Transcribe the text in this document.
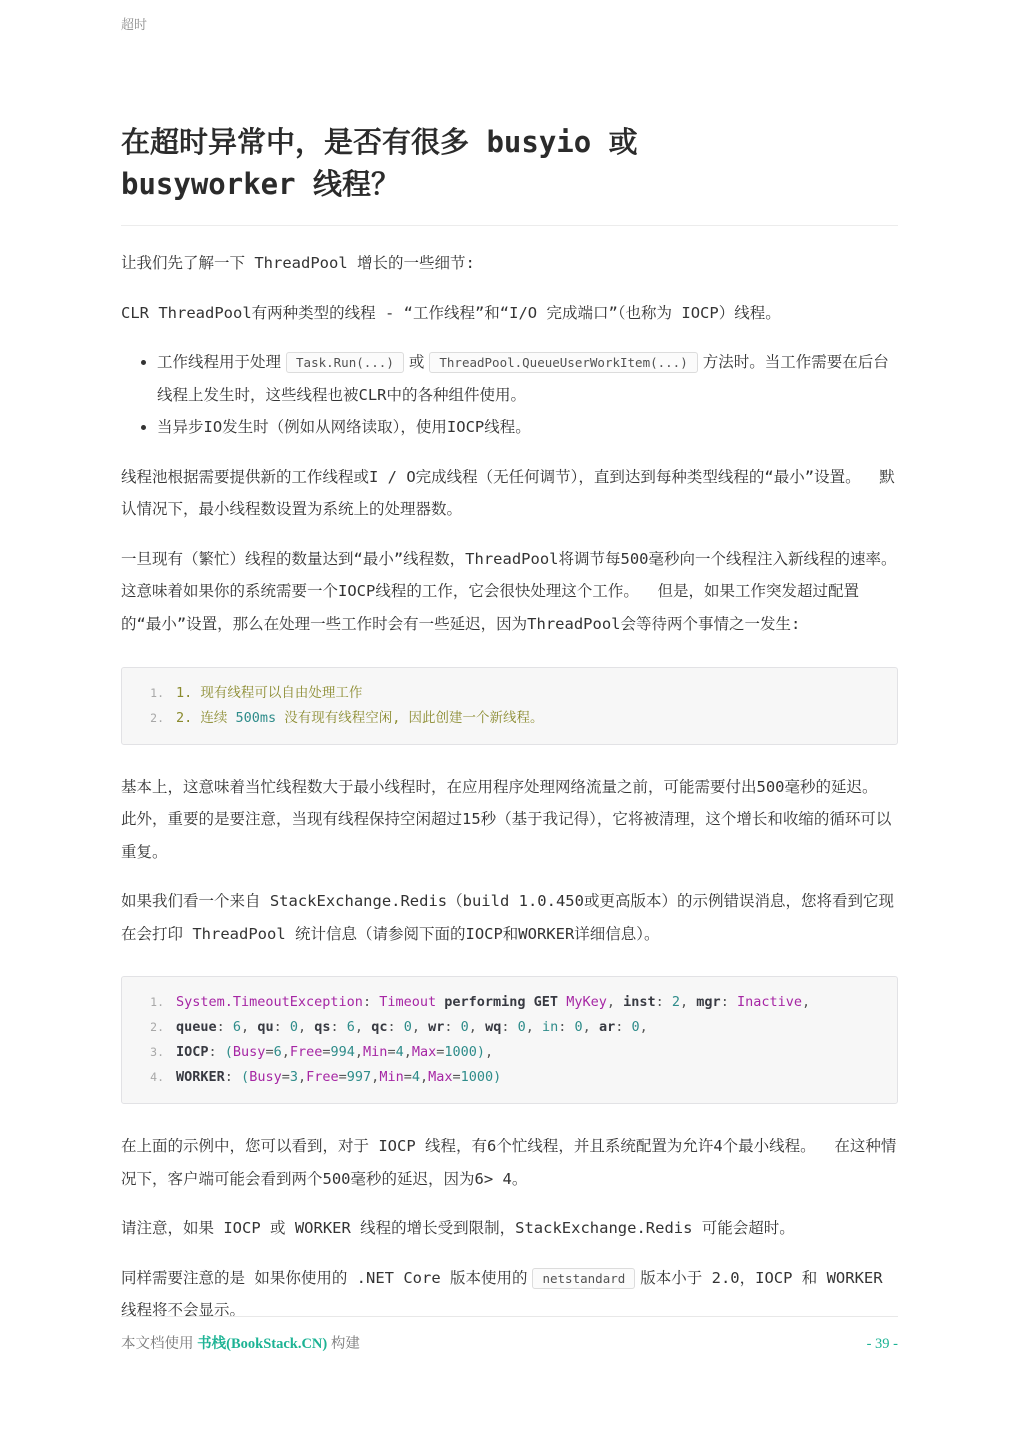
超时
在超时异常中，是否有很多 busyio 或
busyworker 线程？

让我们先了解一下 ThreadPool 增长的一些细节:

CLR ThreadPool有两种类型的线程 - “工作线程”和“I/O 完成端口”（也称为 IOCP）线程。

• 工作线程用于处理 Task.Run(...) 或 ThreadPool.QueueUserWorkItem(...) 方法时。当工作需要在后台线程上发生时，这些线程也被CLR中的各种组件使用。
• 当异步IO发生时（例如从网络读取），使用IOCP线程。

线程池根据需要提供新的工作线程或I / O完成线程（无任何调节），直到达到每种类型线程的“最小”设置。  默认情况下，最小线程数设置为系统上的处理器数。

一旦现有（繁忙）线程的数量达到“最小”线程数，ThreadPool将调节每500毫秒向一个线程注入新线程的速率。  这意味着如果你的系统需要一个IOCP线程的工作，它会很快处理这个工作。  但是，如果工作突发超过配置的“最小”设置，那么在处理一些工作时会有一些延迟，因为ThreadPool会等待两个事情之一发生:

1. 1. 现有线程可以自由处理工作
2. 2. 连续 500ms 没有现有线程空闲, 因此创建一个新线程。

基本上，这意味着当忙线程数大于最小线程时，在应用程序处理网络流量之前，可能需要付出500毫秒的延迟。
此外，重要的是要注意，当现有线程保持空闲超过15秒（基于我记得），它将被清理，这个增长和收缩的循环可以重复。

如果我们看一个来自 StackExchange.Redis（build 1.0.450或更高版本）的示例错误消息，您将看到它现在会打印 ThreadPool 统计信息（请参阅下面的IOCP和WORKER详细信息）。

1. System.TimeoutException: Timeout performing GET MyKey, inst: 2, mgr: Inactive,
2. queue: 6, qu: 0, qs: 6, qc: 0, wr: 0, wq: 0, in: 0, ar: 0,
3. IOCP: (Busy=6,Free=994,Min=4,Max=1000),
4. WORKER: (Busy=3,Free=997,Min=4,Max=1000)

在上面的示例中，您可以看到，对于 IOCP 线程，有6个忙线程，并且系统配置为允许4个最小线程。  在这种情况下，客户端可能会看到两个500毫秒的延迟，因为6> 4。

请注意，如果 IOCP 或 WORKER 线程的增长受到限制，StackExchange.Redis 可能会超时。

同样需要注意的是 如果你使用的 .NET Core 版本使用的 netstandard 版本小于 2.0，IOCP 和 WORKER 线程将不会显示。

本文档使用 书栈(BookStack.CN) 构建	- 39 -
